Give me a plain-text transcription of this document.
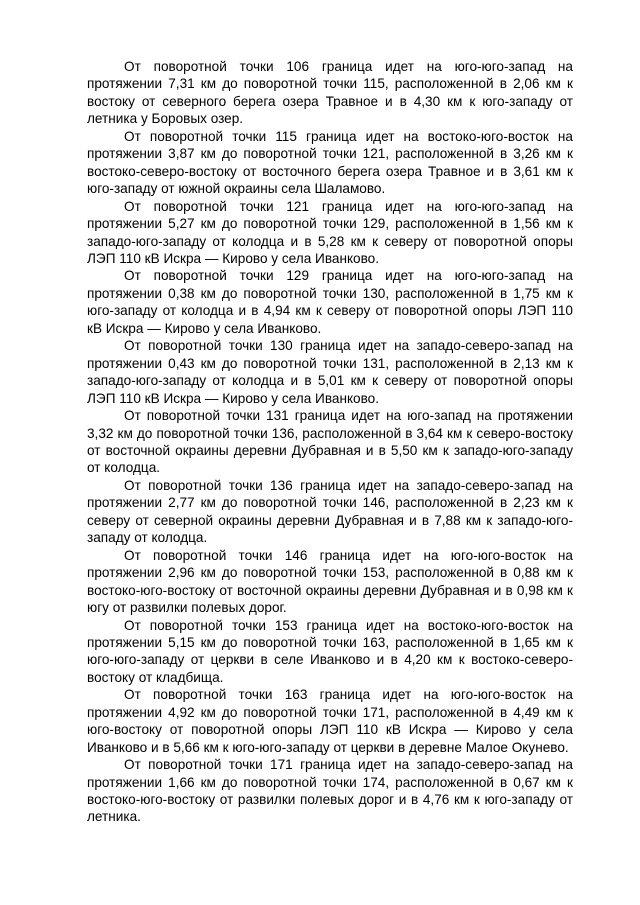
От поворотной точки 106 граница идет на юго-юго-запад на протяжении 7,31 км до поворотной точки 115, расположенной в 2,06 км к востоку от северного берега озера Травное и в 4,30 км к юго-западу от летника у Боровых озер.

От поворотной точки 115 граница идет на востоко-юго-восток на протяжении 3,87 км до поворотной точки 121, расположенной в 3,26 км к востоко-северо-востоку от восточного берега озера Травное и в 3,61 км к юго-западу от южной окраины села Шаламово.

От поворотной точки 121 граница идет на юго-юго-запад на протяжении 5,27 км до поворотной точки 129, расположенной в 1,56 км к западо-юго-западу от колодца и в 5,28 км к северу от поворотной опоры ЛЭП 110 кВ Искра — Кирово у села Иванково.

От поворотной точки 129 граница идет на юго-юго-запад на протяжении 0,38 км до поворотной точки 130, расположенной в 1,75 км к юго-западу от колодца и в 4,94 км к северу от поворотной опоры ЛЭП 110 кВ Искра — Кирово у села Иванково.

От поворотной точки 130 граница идет на западо-северо-запад на протяжении 0,43 км до поворотной точки 131, расположенной в 2,13 км к западо-юго-западу от колодца и в 5,01 км к северу от поворотной опоры ЛЭП 110 кВ Искра — Кирово у села Иванково.

От поворотной точки 131 граница идет на юго-запад на протяжении 3,32 км до поворотной точки 136, расположенной в 3,64 км к северо-востоку от восточной окраины деревни Дубравная и в 5,50 км к западо-юго-западу от колодца.

От поворотной точки 136 граница идет на западо-северо-запад на протяжении 2,77 км до поворотной точки 146, расположенной в 2,23 км к северу от северной окраины деревни Дубравная и в 7,88 км к западо-юго-западу от колодца.

От поворотной точки 146 граница идет на юго-юго-восток на протяжении 2,96 км до поворотной точки 153, расположенной в 0,88 км к востоко-юго-востоку от восточной окраины деревни Дубравная и в 0,98 км к югу от развилки полевых дорог.

От поворотной точки 153 граница идет на востоко-юго-восток на протяжении 5,15 км до поворотной точки 163, расположенной в 1,65 км к юго-юго-западу от церкви в селе Иванково и в 4,20 км к востоко-северо-востоку от кладбища.

От поворотной точки 163 граница идет на юго-юго-восток на протяжении 4,92 км до поворотной точки 171, расположенной в 4,49 км к юго-востоку от поворотной опоры ЛЭП 110 кВ Искра — Кирово у села Иванково и в 5,66 км к юго-юго-западу от церкви в деревне Малое Окунево.

От поворотной точки 171 граница идет на западо-северо-запад на протяжении 1,66 км до поворотной точки 174, расположенной в 0,67 км к востоко-юго-востоку от развилки полевых дорог и в 4,76 км к юго-западу от летника.
